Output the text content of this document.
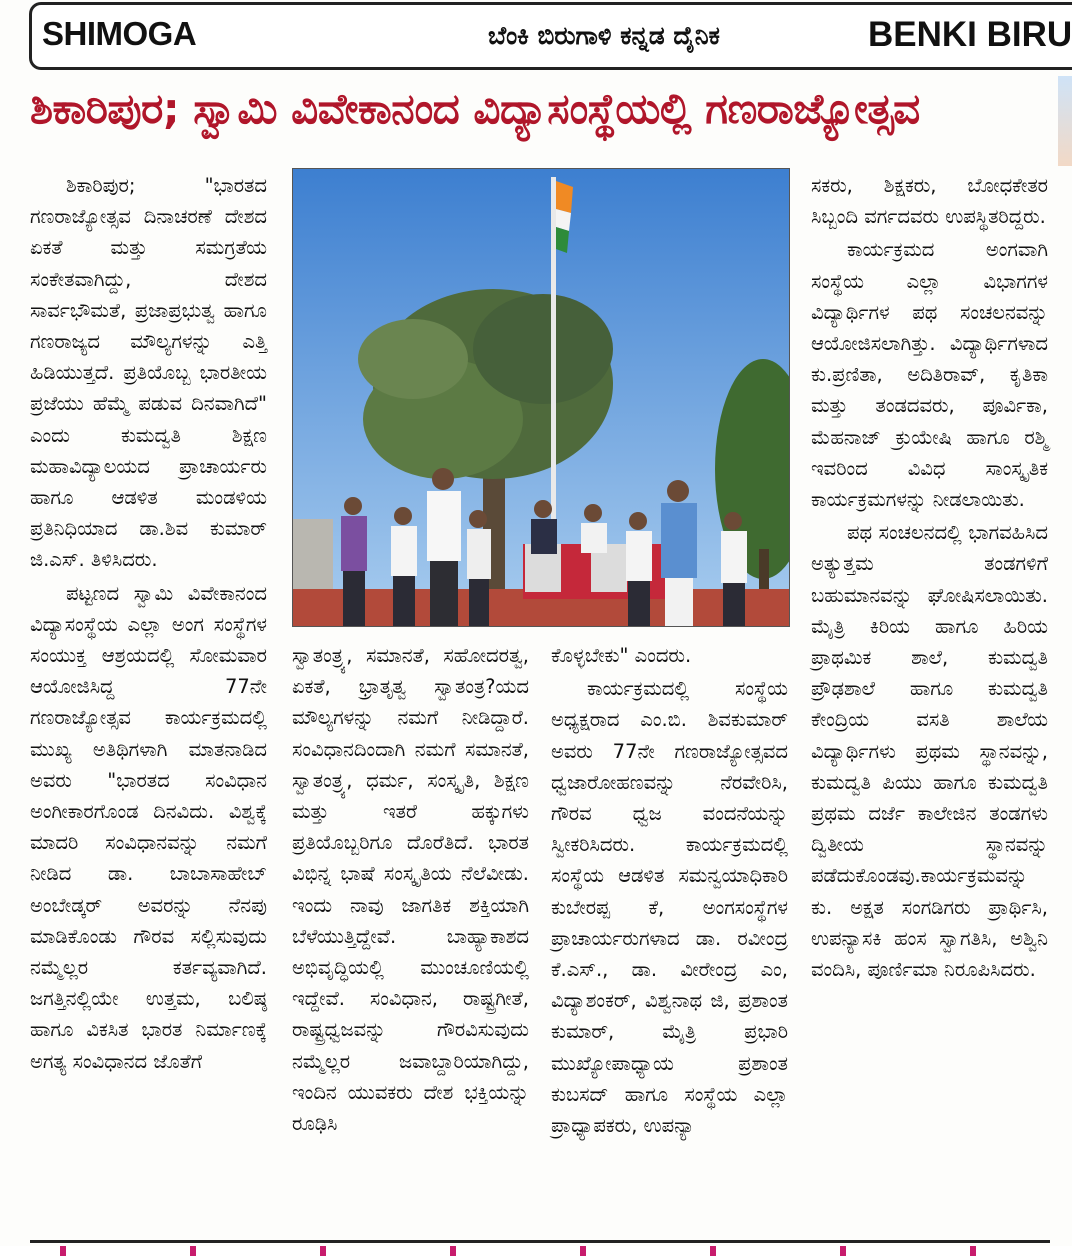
SHIMOGA	ಬೆಂಕಿ ಬಿರುಗಾಳಿ ಕನ್ನಡ ದೈನಿಕ	BENKI BIRU
ಶಿಕಾರಿಪುರ; ಸ್ವಾಮಿ ವಿವೇಕಾನಂದ ವಿದ್ಯಾಸಂಸ್ಥೆಯಲ್ಲಿ ಗಣರಾಜ್ಯೋತ್ಸವ

ಶಿಕಾರಿಪುರ; "ಭಾರತದ ಗಣರಾಜ್ಯೋತ್ಸವ ದಿನಾಚರಣೆ ದೇಶದ ಏಕತೆ ಮತ್ತು ಸಮಗ್ರತೆಯ ಸಂಕೇತವಾಗಿದ್ದು, ದೇಶದ ಸಾರ್ವಭೌಮತೆ, ಪ್ರಜಾಪ್ರಭುತ್ವ ಹಾಗೂ ಗಣರಾಜ್ಯದ ಮೌಲ್ಯಗಳನ್ನು ಎತ್ತಿ ಹಿಡಿಯುತ್ತದೆ. ಪ್ರತಿಯೊಬ್ಬ ಭಾರತೀಯ ಪ್ರಜೆಯು ಹೆಮ್ಮೆ ಪಡುವ ದಿನವಾಗಿದೆ" ಎಂದು ಕುಮದ್ವತಿ ಶಿಕ್ಷಣ ಮಹಾವಿದ್ಯಾಲಯದ ಪ್ರಾಚಾರ್ಯರು ಹಾಗೂ ಆಡಳಿತ ಮಂಡಳಿಯ ಪ್ರತಿನಿಧಿಯಾದ ಡಾ.ಶಿವ ಕುಮಾರ್ ಜಿ.ಎಸ್. ತಿಳಿಸಿದರು.

ಪಟ್ಟಣದ ಸ್ವಾಮಿ ವಿವೇಕಾನಂದ ವಿದ್ಯಾಸಂಸ್ಥೆಯ ಎಲ್ಲಾ ಅಂಗ ಸಂಸ್ಥೆಗಳ ಸಂಯುಕ್ತ ಆಶ್ರಯದಲ್ಲಿ ಸೋಮವಾರ ಆಯೋಜಿಸಿದ್ದ 77ನೇ ಗಣರಾಜ್ಯೋತ್ಸವ ಕಾರ್ಯಕ್ರಮದಲ್ಲಿ ಮುಖ್ಯ ಅತಿಥಿಗಳಾಗಿ ಮಾತನಾಡಿದ ಅವರು "ಭಾರತದ ಸಂವಿಧಾನ ಅಂಗೀಕಾರಗೊಂಡ ದಿನವಿದು. ವಿಶ್ವಕ್ಕೆ ಮಾದರಿ ಸಂವಿಧಾನವನ್ನು ನಮಗೆ ನೀಡಿದ ಡಾ. ಬಾಬಾಸಾಹೇಬ್ ಅಂಬೇಡ್ಕರ್ ಅವರನ್ನು ನೆನಪು ಮಾಡಿಕೊಂಡು ಗೌರವ ಸಲ್ಲಿಸುವುದು ನಮ್ಮೆಲ್ಲರ ಕರ್ತವ್ಯವಾಗಿದೆ. ಜಗತ್ತಿನಲ್ಲಿಯೇ ಉತ್ತಮ, ಬಲಿಷ್ಠ ಹಾಗೂ ವಿಕಸಿತ ಭಾರತ ನಿರ್ಮಾಣಕ್ಕೆ ಅಗತ್ಯ ಸಂವಿಧಾನದ ಜೊತೆಗೆ

ಸ್ವಾತಂತ್ರ್ಯ, ಸಮಾನತೆ, ಸಹೋದರತ್ವ, ಏಕತೆ, ಭ್ರಾತೃತ್ವ ಸ್ವಾತಂತ್ರ?ಯದ ಮೌಲ್ಯಗಳನ್ನು ನಮಗೆ ನೀಡಿದ್ದಾರೆ. ಸಂವಿಧಾನದಿಂದಾಗಿ ನಮಗೆ ಸಮಾನತೆ, ಸ್ವಾತಂತ್ರ್ಯ, ಧರ್ಮ, ಸಂಸ್ಕೃತಿ, ಶಿಕ್ಷಣ ಮತ್ತು ಇತರೆ ಹಕ್ಕುಗಳು ಪ್ರತಿಯೊಬ್ಬರಿಗೂ ದೊರೆತಿದೆ. ಭಾರತ ವಿಭಿನ್ನ ಭಾಷೆ ಸಂಸ್ಕೃತಿಯ ನೆಲೆವೀಡು. ಇಂದು ನಾವು ಜಾಗತಿಕ ಶಕ್ತಿಯಾಗಿ ಬೆಳೆಯುತ್ತಿದ್ದೇವೆ. ಬಾಹ್ಯಾಕಾಶದ ಅಭಿವೃದ್ಧಿಯಲ್ಲಿ ಮುಂಚೂಣಿಯಲ್ಲಿ ಇದ್ದೇವೆ. ಸಂವಿಧಾನ, ರಾಷ್ಟ್ರಗೀತೆ, ರಾಷ್ಟ್ರಧ್ವಜವನ್ನು ಗೌರವಿಸುವುದು ನಮ್ಮೆಲ್ಲರ ಜವಾಬ್ದಾರಿಯಾಗಿದ್ದು, ಇಂದಿನ ಯುವಕರು ದೇಶ ಭಕ್ತಿಯನ್ನು ರೂಢಿಸಿ

ಕೊಳ್ಳಬೇಕು" ಎಂದರು.

ಕಾರ್ಯಕ್ರಮದಲ್ಲಿ ಸಂಸ್ಥೆಯ ಅಧ್ಯಕ್ಷರಾದ ಎಂ.ಬಿ. ಶಿವಕುಮಾರ್ ಅವರು 77ನೇ ಗಣರಾಜ್ಯೋತ್ಸವದ ಧ್ವಜಾರೋಹಣವನ್ನು ನೆರವೇರಿಸಿ, ಗೌರವ ಧ್ವಜ ವಂದನೆಯನ್ನು ಸ್ವೀಕರಿಸಿದರು. ಕಾರ್ಯಕ್ರಮದಲ್ಲಿ ಸಂಸ್ಥೆಯ ಆಡಳಿತ ಸಮನ್ವಯಾಧಿಕಾರಿ ಕುಬೇರಪ್ಪ ಕೆ, ಅಂಗಸಂಸ್ಥೆಗಳ ಪ್ರಾಚಾರ್ಯರುಗಳಾದ ಡಾ. ರವೀಂದ್ರ ಕೆ.ಎಸ್., ಡಾ. ವೀರೇಂದ್ರ ಎಂ, ವಿದ್ಯಾಶಂಕರ್, ವಿಶ್ವನಾಥ ಜಿ, ಪ್ರಶಾಂತ ಕುಮಾರ್, ಮೈತ್ರಿ ಪ್ರಭಾರಿ ಮುಖ್ಯೋಪಾಧ್ಯಾಯ ಪ್ರಶಾಂತ ಕುಬಸದ್ ಹಾಗೂ ಸಂಸ್ಥೆಯ ಎಲ್ಲಾ ಪ್ರಾಧ್ಯಾಪಕರು, ಉಪನ್ಯಾ

ಸಕರು, ಶಿಕ್ಷಕರು, ಬೋಧಕೇತರ ಸಿಬ್ಬಂದಿ ವರ್ಗದವರು ಉಪಸ್ಥಿತರಿದ್ದರು.

ಕಾರ್ಯಕ್ರಮದ ಅಂಗವಾಗಿ ಸಂಸ್ಥೆಯ ಎಲ್ಲಾ ವಿಭಾಗಗಳ ವಿದ್ಯಾರ್ಥಿಗಳ ಪಥ ಸಂಚಲನವನ್ನು ಆಯೋಜಿಸಲಾಗಿತ್ತು. ವಿದ್ಯಾರ್ಥಿಗಳಾದ ಕು.ಪ್ರಣಿತಾ, ಅದಿತಿರಾವ್, ಕೃತಿಕಾ ಮತ್ತು ತಂಡದವರು, ಪೂರ್ವಿಕಾ, ಮೆಹನಾಜ್ ಕ್ರುಯೇಷಿ ಹಾಗೂ ರಶ್ಮಿ ಇವರಿಂದ ವಿವಿಧ ಸಾಂಸ್ಕೃತಿಕ ಕಾರ್ಯಕ್ರಮಗಳನ್ನು ನೀಡಲಾಯಿತು.

ಪಥ ಸಂಚಲನದಲ್ಲಿ ಭಾಗವಹಿಸಿದ ಅತ್ಯುತ್ತಮ ತಂಡಗಳಿಗೆ ಬಹುಮಾನವನ್ನು ಘೋಷಿಸಲಾಯಿತು. ಮೈತ್ರಿ ಕಿರಿಯ ಹಾಗೂ ಹಿರಿಯ ಪ್ರಾಥಮಿಕ ಶಾಲೆ, ಕುಮದ್ವತಿ ಪ್ರೌಢಶಾಲೆ ಹಾಗೂ ಕುಮದ್ವತಿ ಕೇಂದ್ರಿಯ ವಸತಿ ಶಾಲೆಯ ವಿದ್ಯಾರ್ಥಿಗಳು ಪ್ರಥಮ ಸ್ಥಾನವನ್ನು, ಕುಮದ್ವತಿ ಪಿಯು ಹಾಗೂ ಕುಮದ್ವತಿ ಪ್ರಥಮ ದರ್ಜೆ ಕಾಲೇಜಿನ ತಂಡಗಳು ದ್ವಿತೀಯ ಸ್ಥಾನವನ್ನು ಪಡೆದುಕೊಂಡವು.ಕಾರ್ಯಕ್ರಮವನ್ನು ಕು. ಅಕ್ಷತ ಸಂಗಡಿಗರು ಪ್ರಾರ್ಥಿಸಿ, ಉಪನ್ಯಾಸಕಿ ಹಂಸ ಸ್ವಾಗತಿಸಿ, ಅಶ್ವಿನಿ ವಂದಿಸಿ, ಪೂರ್ಣಿಮಾ ನಿರೂಪಿಸಿದರು.
